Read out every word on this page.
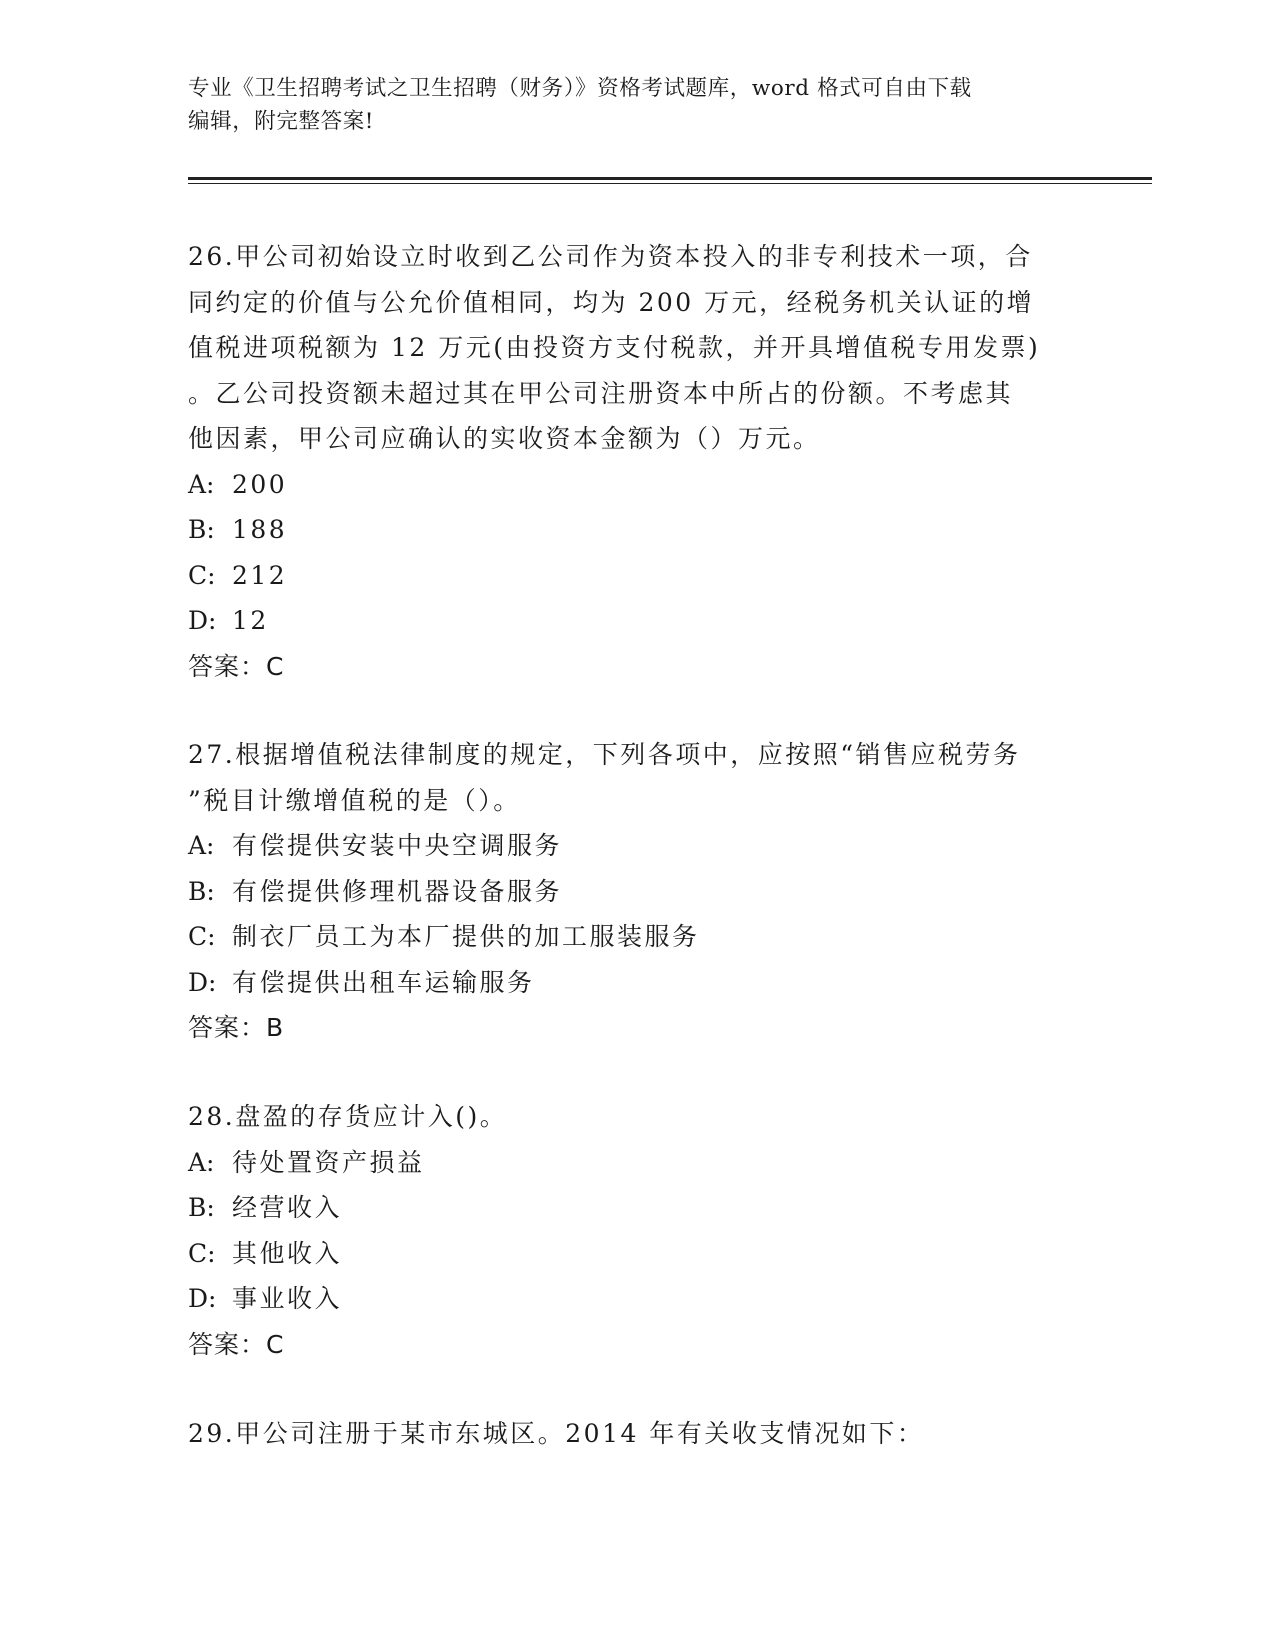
专业《卫生招聘考试之卫生招聘（财务）》资格考试题库，word 格式可自由下载
编辑，附完整答案!

26.甲公司初始设立时收到乙公司作为资本投入的非专利技术一项，合

同约定的价值与公允价值相同，均为 200 万元，经税务机关认证的增

值税进项税额为 12 万元(由投资方支付税款，并开具增值税专用发票)

。乙公司投资额未超过其在甲公司注册资本中所占的份额。不考虑其

他因素，甲公司应确认的实收资本金额为（）万元。

A: 200

B: 188

C: 212

D: 12

答案：C

27.根据增值税法律制度的规定，下列各项中，应按照“销售应税劳务

”税目计缴增值税的是（）。

A: 有偿提供安装中央空调服务

B: 有偿提供修理机器设备服务

C: 制衣厂员工为本厂提供的加工服装服务

D: 有偿提供出租车运输服务

答案：B

28.盘盈的存货应计入()。

A: 待处置资产损益

B: 经营收入

C: 其他收入

D: 事业收入

答案：C

29.甲公司注册于某市东城区。2014 年有关收支情况如下：
